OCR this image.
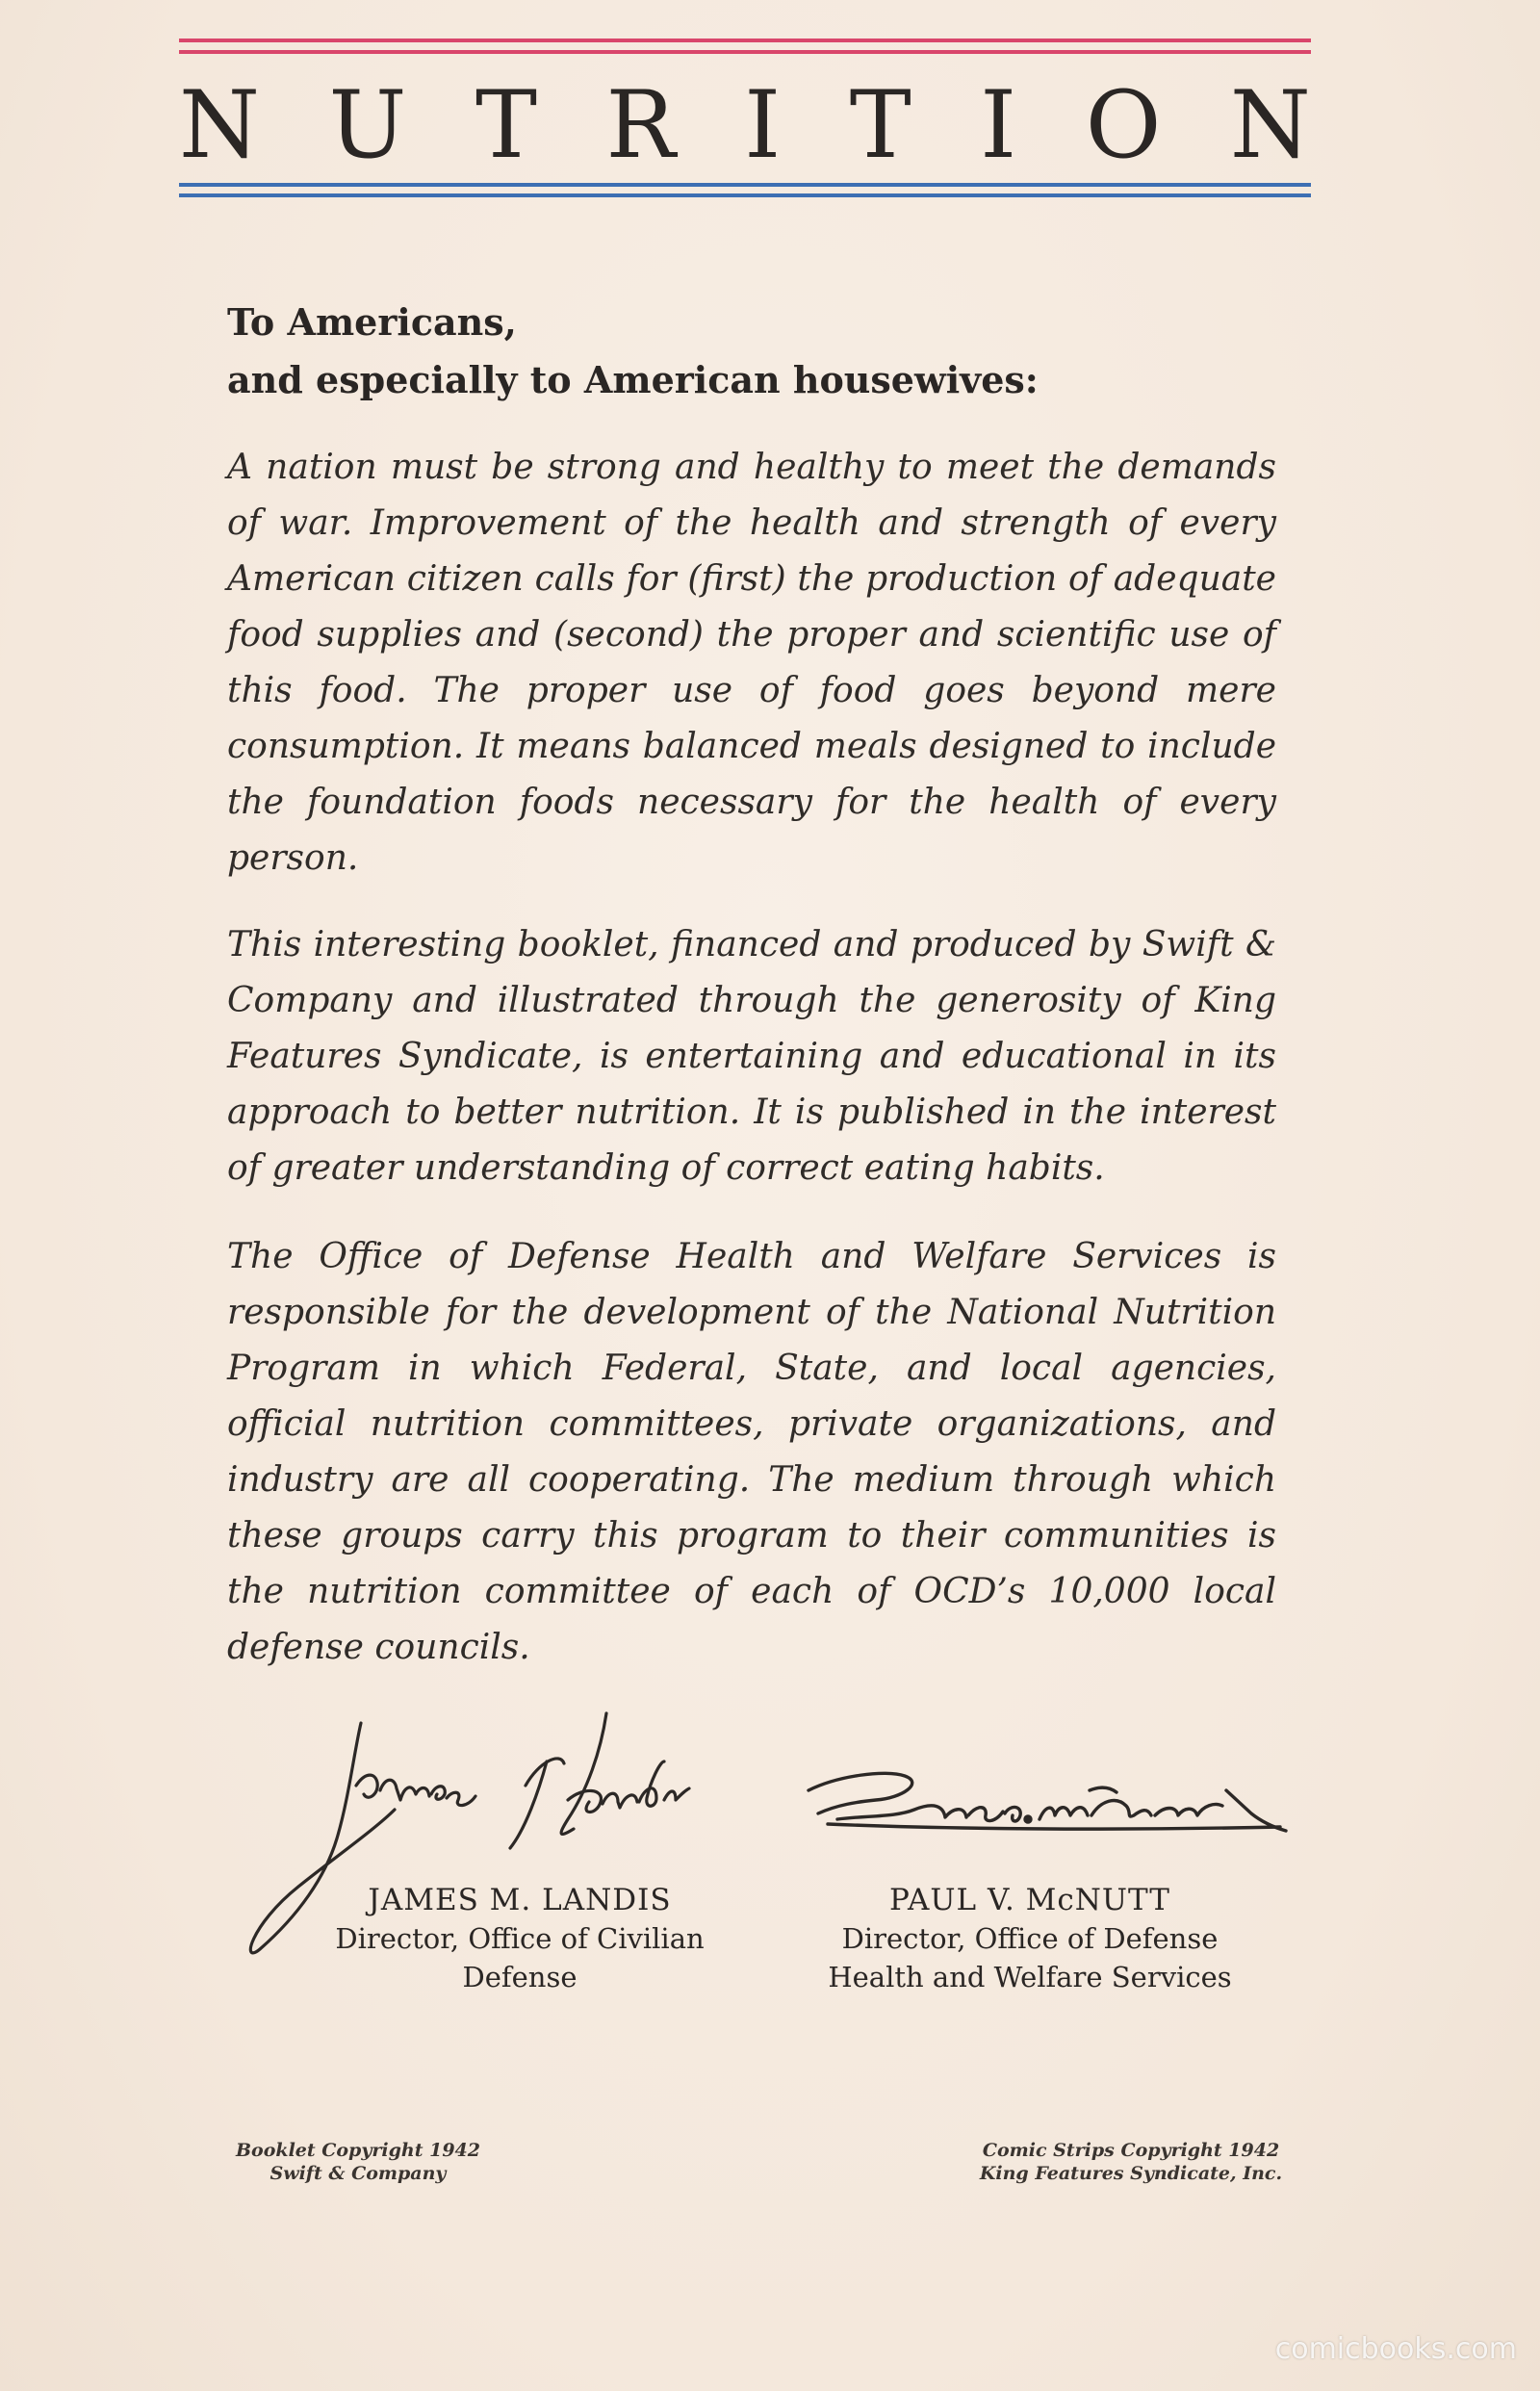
N U T R I T I O N
To Americans,
and especially to American housewives:

A nation must be strong and healthy to meet the demands of war. Improvement of the health and strength of every American citizen calls for (first) the production of adequate food supplies and (second) the proper and scientific use of this food. The proper use of food goes beyond mere consumption. It means balanced meals designed to include the foundation foods necessary for the health of every person.

This interesting booklet, financed and produced by Swift & Company and illustrated through the generosity of King Features Syndicate, is entertaining and educational in its approach to better nutrition. It is published in the interest of greater understanding of correct eating habits.

The Office of Defense Health and Welfare Services is responsible for the development of the National Nutrition Program in which Federal, State, and local agencies, official nutrition committees, private organizations, and industry are all cooperating. The medium through which these groups carry this program to their communities is the nutrition committee of each of OCD’s 10,000 local defense councils.

JAMES M. LANDIS
Director, Office of Civilian
Defense
PAUL V. McNUTT
Director, Office of Defense
Health and Welfare Services
Booklet Copyright 1942
Swift & Company
Comic Strips Copyright 1942
King Features Syndicate, Inc.
comicbooks.com
